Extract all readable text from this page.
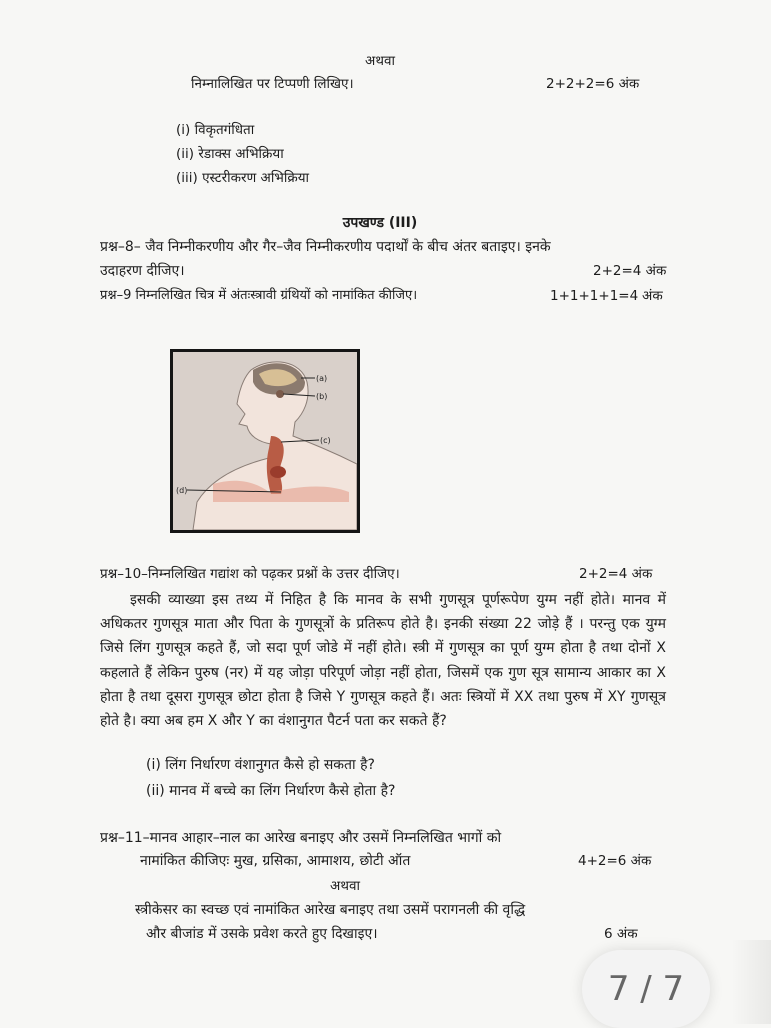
अथवा
निम्नालिखित पर टिप्पणी लिखिए।	2+2+2=6 अंक
(i) विकृतगंधिता
(ii) रेडाक्स अभिक्रिया
(iii) एस्टरीकरण अभिक्रिया
उपखण्ड (III)
प्रश्न–8– जैव निम्नीकरणीय और गैर–जैव निम्नीकरणीय पदार्थों के बीच अंतर बताइए। इनके
उदाहरण दीजिए।	2+2=4 अंक
प्रश्न–9 निम्नलिखित चित्र में अंतःस्त्रावी ग्रंथियों को नामांकित कीजिए।	1+1+1+1=4 अंक
(a)
(b)
(c)
(d)
प्रश्न–10–निम्नलिखित गद्यांश को पढ़कर प्रश्नों के उत्तर दीजिए।	2+2=4 अंक

इसकी व्याख्या इस तथ्य में निहित है कि मानव के सभी गुणसूत्र पूर्णरूपेण युग्म नहीं होते। मानव में अधिकतर गुणसूत्र माता और पिता के गुणसूत्रों के प्रतिरूप होते है। इनकी संख्या 22 जोड़े हैं । परन्तु एक युग्म जिसे लिंग गुणसूत्र कहते हैं, जो सदा पूर्ण जोडे में नहीं होते। स्त्री में गुणसूत्र का पूर्ण युग्म होता है तथा दोनों X कहलाते हैं लेकिन पुरुष (नर) में यह जोड़ा परिपूर्ण जोड़ा नहीं होता, जिसमें एक गुण सूत्र सामान्य आकार का X होता है तथा दूसरा गुणसूत्र छोटा होता है जिसे Y गुणसूत्र कहते हैं। अतः स्त्रियों में XX तथा पुरुष में XY गुणसूत्र होते है। क्या अब हम X और Y का वंशानुगत पैटर्न पता कर सकते हैं?

(i) लिंग निर्धारण वंशानुगत कैसे हो सकता है?
(ii) मानव में बच्चे का लिंग निर्धारण कैसे होता है?
प्रश्न–11–मानव आहार–नाल का आरेख बनाइए और उसमें निम्नलिखित भागों को
नामांकित कीजिएः मुख, ग्रसिका, आमाशय, छोटी ऑत	4+2=6 अंक
अथवा
स्त्रीकेसर का स्वच्छ एवं नामांकित आरेख बनाइए तथा उसमें परागनली की वृद्धि
और बीजांड में उसके प्रवेश करते हुए दिखाइए।	6 अंक
7 / 7
